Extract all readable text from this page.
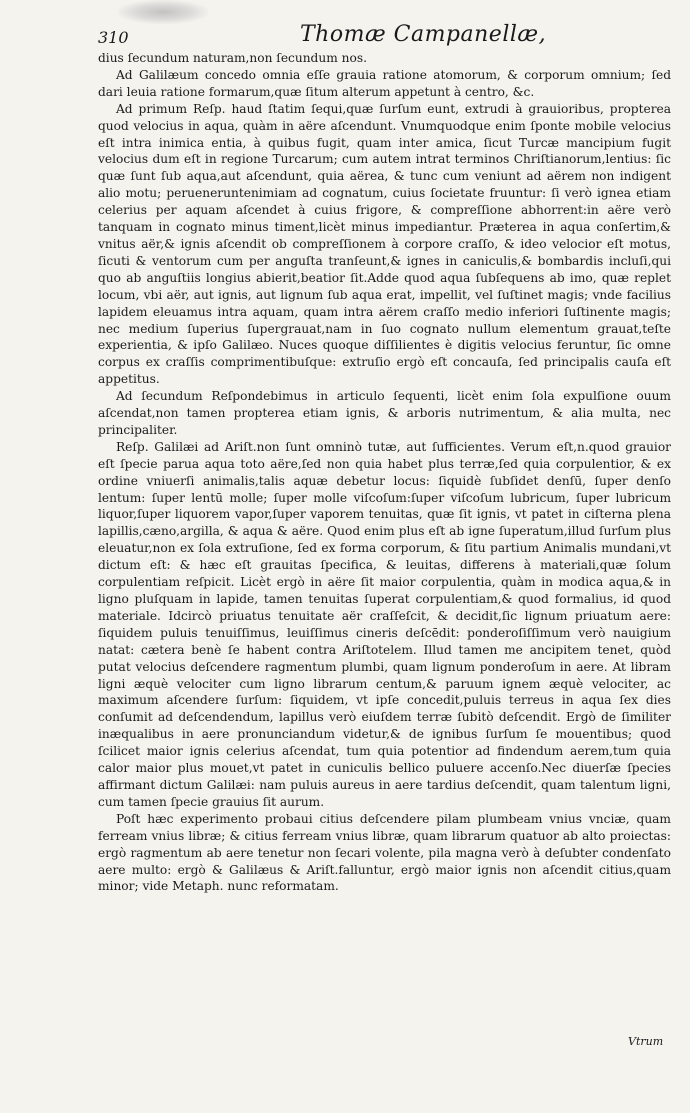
310	Thomæ Campanellæ,

dius ſecundum naturam,non ſecundum nos.

Ad Galilæum concedo omnia eſſe grauia ratione atomorum, & corporum omnium; ſed dari leuia ratione formarum,quæ ſitum alterum appetunt à centro, &c.

Ad primum Reſp. haud ſtatim ſequi,quæ ſurſum eunt, extrudi à grauioribus, propterea quod velocius in aqua, quàm in aëre aſcendunt. Vnumquodque enim ſponte mobile velocius eſt intra inimica entia, à quibus fugit, quam inter amica, ſicut Turcæ mancipium fugit velocius dum eſt in regione Turcarum; cum autem intrat terminos Chriſtianorum,lentius: ſic quæ ſunt ſub aqua,aut aſcendunt, quia aërea, & tunc cum veniunt ad aërem non indigent alio motu; perueneruntenimiam ad cognatum, cuius ſocietate fruuntur: ſi verò ignea etiam celerius per aquam aſcendet à cuius frigore, & compreſſione abhorrent:in aëre verò tanquam in cognato minus timent,licèt minus impediantur. Præterea in aqua conſertim,& vnitus aër,& ignis aſcendit ob compreſſionem à corpore craſſo, & ideo velocior eſt motus, ſicuti & ventorum cum per anguſta tranſeunt,& ignes in caniculis,& bombardis incluſi,qui quo ab anguſtiis longius abierit,beatior ſit.Adde quod aqua ſubſequens ab imo, quæ replet locum, vbi aër, aut ignis, aut lignum ſub aqua erat, impellit, vel ſuſtinet magis; vnde facilius lapidem eleuamus intra aquam, quam intra aërem craſſo medio inferiori ſuſtinente magis; nec medium ſuperius ſupergrauat,nam in ſuo cognato nullum elementum grauat,teſte experientia, & ipſo Galilæo. Nuces quoque diſſilientes è digitis velocius feruntur, ſic omne corpus ex craſſis comprimentibuſque: extruſio ergò eſt concauſa, ſed principalis cauſa eſt appetitus.

Ad ſecundum Reſpondebimus in articulo ſequenti, licèt enim ſola expulſione ouum aſcendat,non tamen propterea etiam ignis, & arboris nutrimentum, & alia multa, nec principaliter.

Reſp. Galilæi ad Ariſt.non ſunt omninò tutæ, aut ſufficientes. Verum eſt,n.quod grauior eſt ſpecie parua aqua toto aëre,ſed non quia habet plus terræ,ſed quia corpulentior, & ex ordine vniuerſi animalis,talis aquæ debetur locus: ſiquidè ſubſidet denſū, ſuper denſo lentum: ſuper lentū molle; ſuper molle viſcoſum:ſuper viſcoſum lubricum, ſuper lubricum liquor,ſuper liquorem vapor,ſuper vaporem tenuitas, quæ ſit ignis, vt patet in ciſterna plena lapillis,cæno,argilla, & aqua & aëre. Quod enim plus eſt ab igne ſuperatum,illud ſurſum plus eleuatur,non ex ſola extruſione, ſed ex forma corporum, & ſitu partium Animalis mundani,vt dictum eſt: & hæc eſt grauitas ſpecifica, & leuitas, differens à materiali,quæ ſolum corpulentiam reſpicit. Licèt ergò in aëre ſit maior corpulentia, quàm in modica aqua,& in ligno pluſquam in lapide, tamen tenuitas ſuperat corpulentiam,& quod formalius, id quod materiale. Idcircò priuatus tenuitate aër craſſeſcit, & decidit,ſic lignum priuatum aere: ſiquidem puluis tenuiſſimus, leuiſſimus cineris deſcēdit: ponderoſiſſimum verò nauigium natat: cætera benè ſe habent contra Ariſtotelem. Illud tamen me ancipitem tenet, quòd putat velocius deſcendere ragmentum plumbi, quam lignum ponderoſum in aere. At libram ligni æquè velociter cum ligno librarum centum,& paruum ignem æquè velociter, ac maximum aſcendere ſurſum: ſiquidem, vt ipſe concedit,puluis terreus in aqua ſex dies conſumit ad deſcendendum, lapillus verò eiuſdem terræ ſubitò deſcendit. Ergò de ſimiliter inæqualibus in aere pronunciandum videtur,& de ignibus ſurſum ſe mouentibus; quod ſcilicet maior ignis celerius aſcendat, tum quia potentior ad findendum aerem,tum quia calor maior plus mouet,vt patet in cuniculis bellico puluere accenſo.Nec diuerſæ ſpecies affirmant dictum Galilæi: nam puluis aureus in aere tardius deſcendit, quam talentum ligni, cum tamen ſpecie grauius ſit aurum.

Poſt hæc experimento probaui citius deſcendere pilam plumbeam vnius vnciæ, quam ferream vnius libræ; & citius ferream vnius libræ, quam librarum quatuor ab alto proiectas: ergò ragmentum ab aere tenetur non ſecari volente, pila magna verò à deſubter condenſato aere multo: ergò & Galilæus & Ariſt.falluntur, ergò maior ignis non aſcendit citius,quam minor; vide Metaph. nunc reformatam.

Vtrum
